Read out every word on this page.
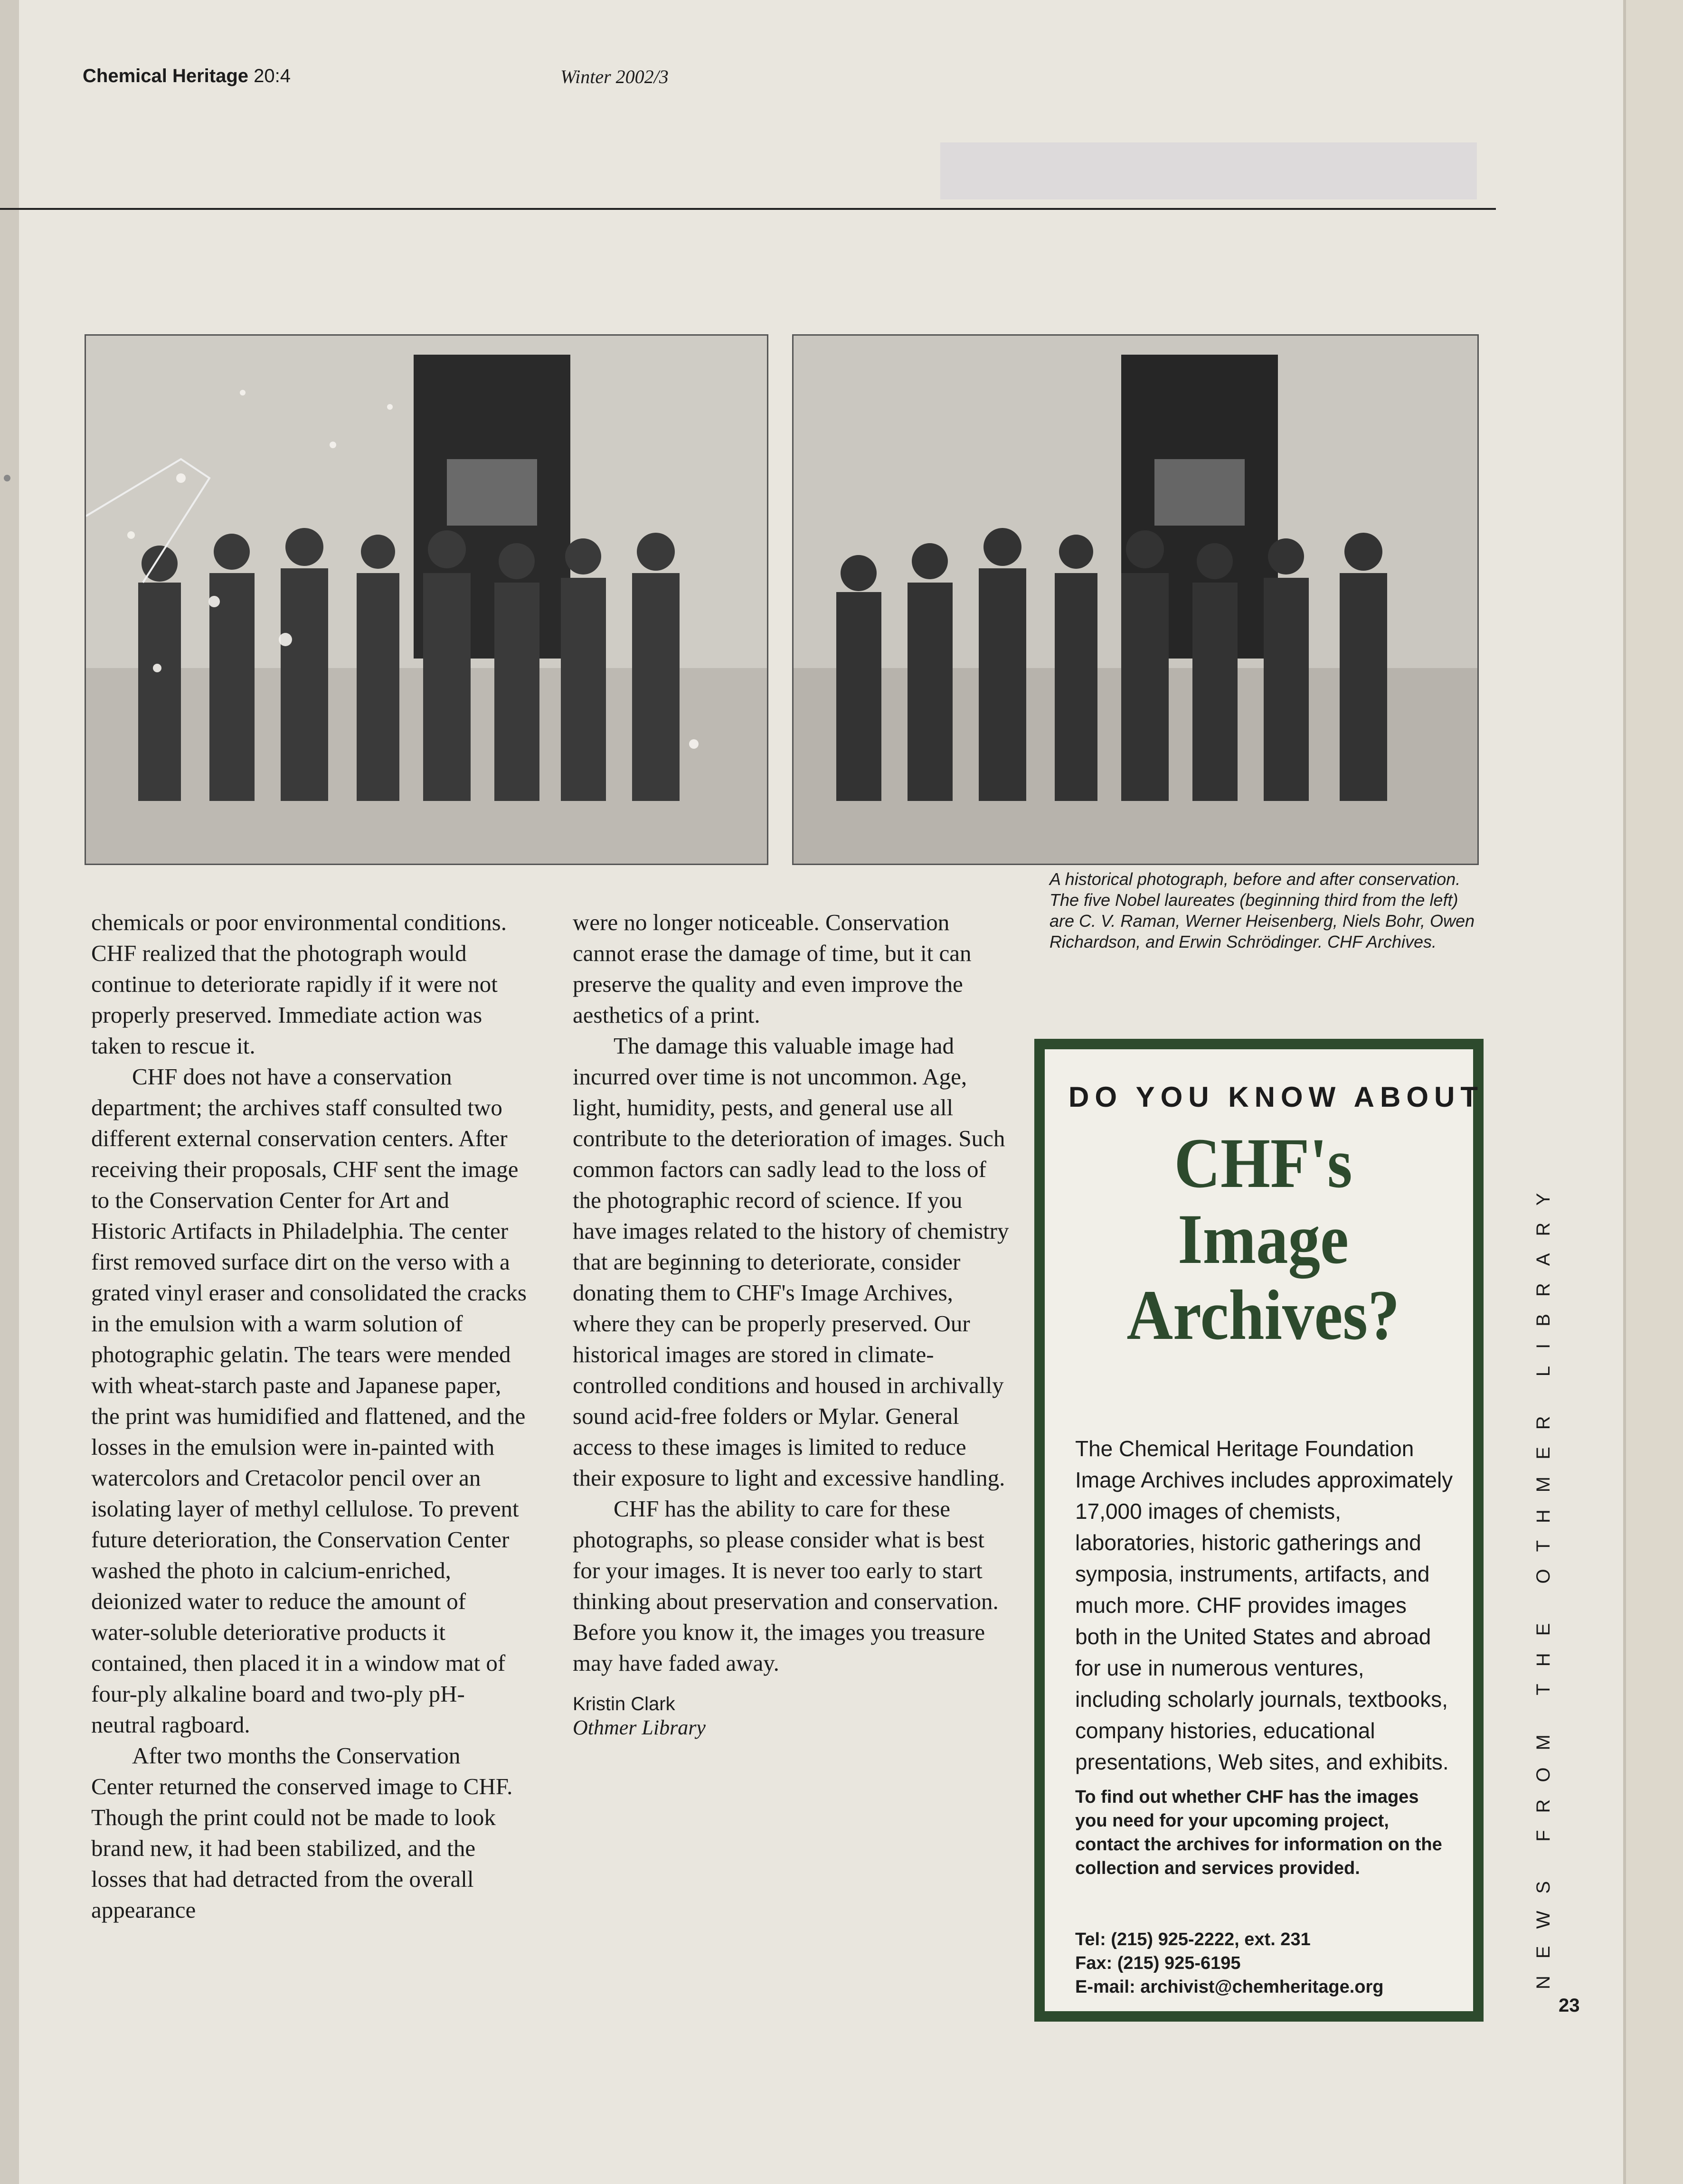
Chemical Heritage 20:4	Winter 2002/3
A historical photograph, before and after conservation. The five Nobel laureates (beginning third from the left) are C. V. Raman, Werner Heisenberg, Niels Bohr, Owen Richardson, and Erwin Schrödinger. CHF Archives.

chemicals or poor environmental conditions. CHF realized that the photograph would continue to deteriorate rapidly if it were not properly preserved. Immediate action was taken to rescue it.

CHF does not have a conservation department; the archives staff consulted two different external conservation centers. After receiving their proposals, CHF sent the image to the Conservation Center for Art and Historic Artifacts in Philadelphia. The center first removed surface dirt on the verso with a grated vinyl eraser and consolidated the cracks in the emulsion with a warm solution of photographic gelatin. The tears were mended with wheat-starch paste and Japanese paper, the print was humidified and flattened, and the losses in the emulsion were in-painted with watercolors and Cretacolor pencil over an isolating layer of methyl cellulose. To prevent future deterioration, the Conservation Center washed the photo in calcium-enriched, deionized water to reduce the amount of water-soluble deteriorative products it contained, then placed it in a window mat of four-ply alkaline board and two-ply pH-neutral ragboard.

After two months the Conservation Center returned the conserved image to CHF. Though the print could not be made to look brand new, it had been stabilized, and the losses that had detracted from the overall appearance

were no longer noticeable. Conservation cannot erase the damage of time, but it can preserve the quality and even improve the aesthetics of a print.

The damage this valuable image had incurred over time is not uncommon. Age, light, humidity, pests, and general use all contribute to the deterioration of images. Such common factors can sadly lead to the loss of the photographic record of science. If you have images related to the history of chemistry that are beginning to deteriorate, consider donating them to CHF's Image Archives, where they can be properly preserved. Our historical images are stored in climate-controlled conditions and housed in archivally sound acid-free folders or Mylar. General access to these images is limited to reduce their exposure to light and excessive handling.

CHF has the ability to care for these photographs, so please consider what is best for your images. It is never too early to start thinking about preservation and conservation. Before you know it, the images you treasure may have faded away.

Kristin Clark

Othmer Library

DO YOU KNOW ABOUT
CHF's
Image
Archives?
The Chemical Heritage Foundation Image Archives includes approximately 17,000 images of chemists, laboratories, historic gatherings and symposia, instruments, artifacts, and much more. CHF provides images both in the United States and abroad for use in numerous ventures, including scholarly journals, textbooks, company histories, educational presentations, Web sites, and exhibits.
To find out whether CHF has the images you need for your upcoming project, contact the archives for information on the collection and services provided.
Tel: (215) 925-2222, ext. 231
Fax: (215) 925-6195
E-mail: archivist@chemheritage.org	NEWS FROM THE OTHMER LIBRARY
23
